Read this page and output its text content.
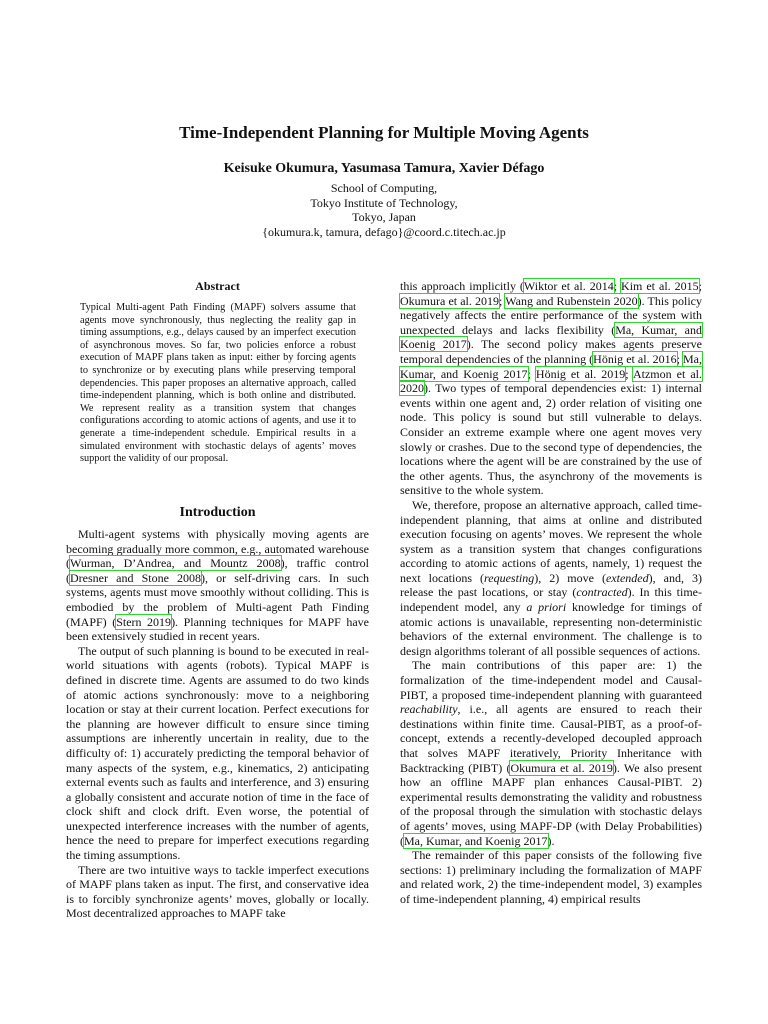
Time-Independent Planning for Multiple Moving Agents
Keisuke Okumura, Yasumasa Tamura, Xavier Défago
School of Computing,
Tokyo Institute of Technology,
Tokyo, Japan
{okumura.k, tamura, defago}@coord.c.titech.ac.jp
Abstract
Typical Multi-agent Path Finding (MAPF) solvers assume that agents move synchronously, thus neglecting the reality gap in timing assumptions, e.g., delays caused by an imperfect execution of asynchronous moves. So far, two policies enforce a robust execution of MAPF plans taken as input: either by forcing agents to synchronize or by executing plans while preserving temporal dependencies. This paper proposes an alternative approach, called time-independent planning, which is both online and distributed. We represent reality as a transition system that changes configurations according to atomic actions of agents, and use it to generate a time-independent schedule. Empirical results in a simulated environment with stochastic delays of agents’ moves support the validity of our proposal.
Introduction

Multi-agent systems with physically moving agents are becoming gradually more common, e.g., automated warehouse (Wurman, D’Andrea, and Mountz 2008), traffic control (Dresner and Stone 2008), or self-driving cars. In such systems, agents must move smoothly without colliding. This is embodied by the problem of Multi-agent Path Finding (MAPF) (Stern 2019). Planning techniques for MAPF have been extensively studied in recent years.

The output of such planning is bound to be executed in real-world situations with agents (robots). Typical MAPF is defined in discrete time. Agents are assumed to do two kinds of atomic actions synchronously: move to a neighboring location or stay at their current location. Perfect executions for the planning are however difficult to ensure since timing assumptions are inherently uncertain in reality, due to the difficulty of: 1) accurately predicting the temporal behavior of many aspects of the system, e.g., kinematics, 2) anticipating external events such as faults and interference, and 3) ensuring a globally consistent and accurate notion of time in the face of clock shift and clock drift. Even worse, the potential of unexpected interference increases with the number of agents, hence the need to prepare for imperfect executions regarding the timing assumptions.

There are two intuitive ways to tackle imperfect executions of MAPF plans taken as input. The first, and conservative idea is to forcibly synchronize agents’ moves, globally or locally. Most decentralized approaches to MAPF take

this approach implicitly (Wiktor et al. 2014; Kim et al. 2015; Okumura et al. 2019; Wang and Rubenstein 2020). This policy negatively affects the entire performance of the system with unexpected delays and lacks flexibility (Ma, Kumar, and Koenig 2017). The second policy makes agents preserve temporal dependencies of the planning (Hönig et al. 2016; Ma, Kumar, and Koenig 2017; Hönig et al. 2019; Atzmon et al. 2020). Two types of temporal dependencies exist: 1) internal events within one agent and, 2) order relation of visiting one node. This policy is sound but still vulnerable to delays. Consider an extreme example where one agent moves very slowly or crashes. Due to the second type of dependencies, the locations where the agent will be are constrained by the use of the other agents. Thus, the asynchrony of the movements is sensitive to the whole system.

We, therefore, propose an alternative approach, called time-independent planning, that aims at online and distributed execution focusing on agents’ moves. We represent the whole system as a transition system that changes configurations according to atomic actions of agents, namely, 1) request the next locations (requesting), 2) move (extended), and, 3) release the past locations, or stay (contracted). In this time-independent model, any a priori knowledge for timings of atomic actions is unavailable, representing non-deterministic behaviors of the external environment. The challenge is to design algorithms tolerant of all possible sequences of actions.

The main contributions of this paper are: 1) the formalization of the time-independent model and Causal-PIBT, a proposed time-independent planning with guaranteed reachability, i.e., all agents are ensured to reach their destinations within finite time. Causal-PIBT, as a proof-of-concept, extends a recently-developed decoupled approach that solves MAPF iteratively, Priority Inheritance with Backtracking (PIBT) (Okumura et al. 2019). We also present how an offline MAPF plan enhances Causal-PIBT. 2) experimental results demonstrating the validity and robustness of the proposal through the simulation with stochastic delays of agents’ moves, using MAPF-DP (with Delay Probabilities) (Ma, Kumar, and Koenig 2017).

The remainder of this paper consists of the following five sections: 1) preliminary including the formalization of MAPF and related work, 2) the time-independent model, 3) examples of time-independent planning, 4) empirical results
